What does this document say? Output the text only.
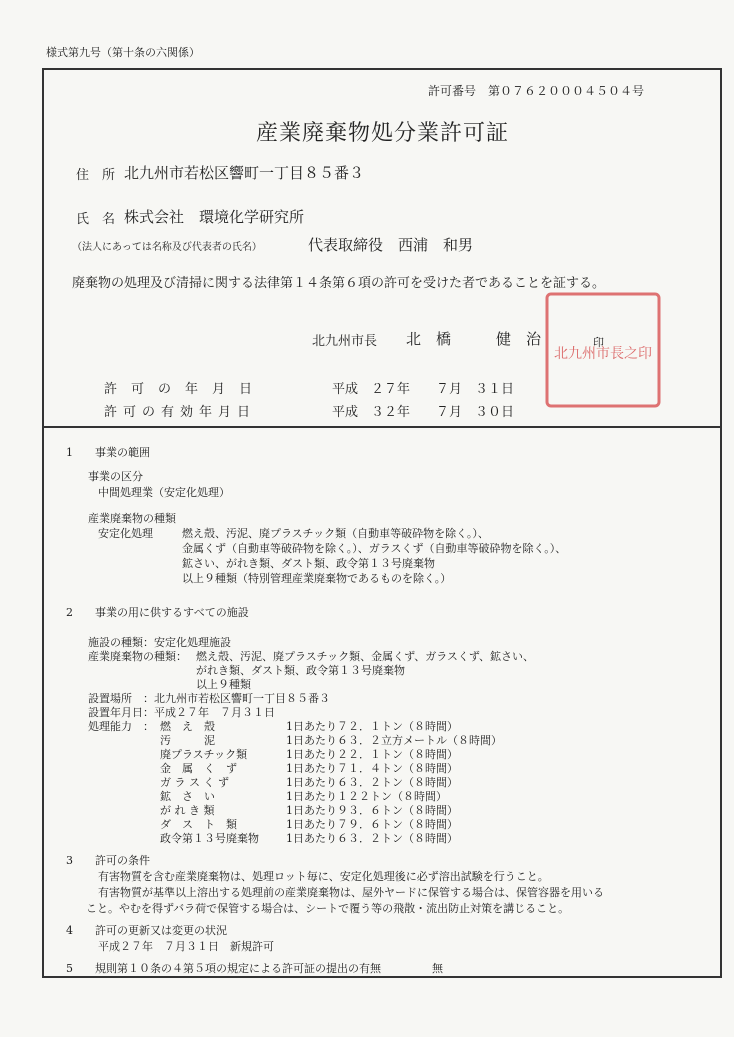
様式第九号（第十条の六関係）
許可番号　第０７６２０００４５０４号
産業廃棄物処分業許可証
住　所 北九州市若松区響町一丁目８５番３
氏　名 株式会社　環境化学研究所
（法人にあっては名称及び代表者の氏名）	代表取締役　西浦　和男
廃棄物の処理及び清掃に関する法律第１４条第６項の許可を受けた者であることを証する。
北九州市長之印
北九州市長 北　橋	健　治	印
許可の年月日	平成　２７年　　７月　３１日
許可の有効年月日	平成　３２年　　７月　３０日
1　　事業の範囲
事業の区分
中間処理業（安定化処理）
産業廃棄物の種類
安定化処理	燃え殻、汚泥、廃プラスチック類（自動車等破砕物を除く。）、
金属くず（自動車等破砕物を除く。）、ガラスくず（自動車等破砕物を除く。）、
鉱さい、がれき類、ダスト類、政令第１３号廃棄物
以上９種類（特別管理産業廃棄物であるものを除く。）
2　　事業の用に供するすべての施設
施設の種類：安定化処理施設
産業廃棄物の種類： 燃え殻、汚泥、廃プラスチック類、金属くず、ガラスくず、鉱さい、
がれき類、ダスト類、政令第１３号廃棄物
以上９種類
設置場所　：北九州市若松区響町一丁目８５番３
設置年月日：平成２７年　７月３１日
処理能力　： 燃　え　殻	1日あたり７２．１トン（８時間）
汚　　　泥	1日あたり６３．２立方メートル（８時間）
廃プラスチック類	1日あたり２２．１トン（８時間）
金　属　く　ず	1日あたり７１．４トン（８時間）
ガ ラ ス く ず	1日あたり６３．２トン（８時間）
鉱　さ　い	1日あたり１２２トン（８時間）
が れ き 類	1日あたり９３．６トン（８時間）
ダ　ス　ト　類	1日あたり７９．６トン（８時間）
政令第１３号廃棄物 1日あたり６３．２トン（８時間）
3　　許可の条件
有害物質を含む産業廃棄物は、処理ロット毎に、安定化処理後に必ず溶出試験を行うこと。
有害物質が基準以上溶出する処理前の産業廃棄物は、屋外ヤードに保管する場合は、保管容器を用いる
こと。やむを得ずバラ荷で保管する場合は、シートで覆う等の飛散・流出防止対策を講じること。
4　　許可の更新又は変更の状況
平成２７年　７月３１日　新規許可
5　　規則第１０条の４第５項の規定による許可証の提出の有無	無
